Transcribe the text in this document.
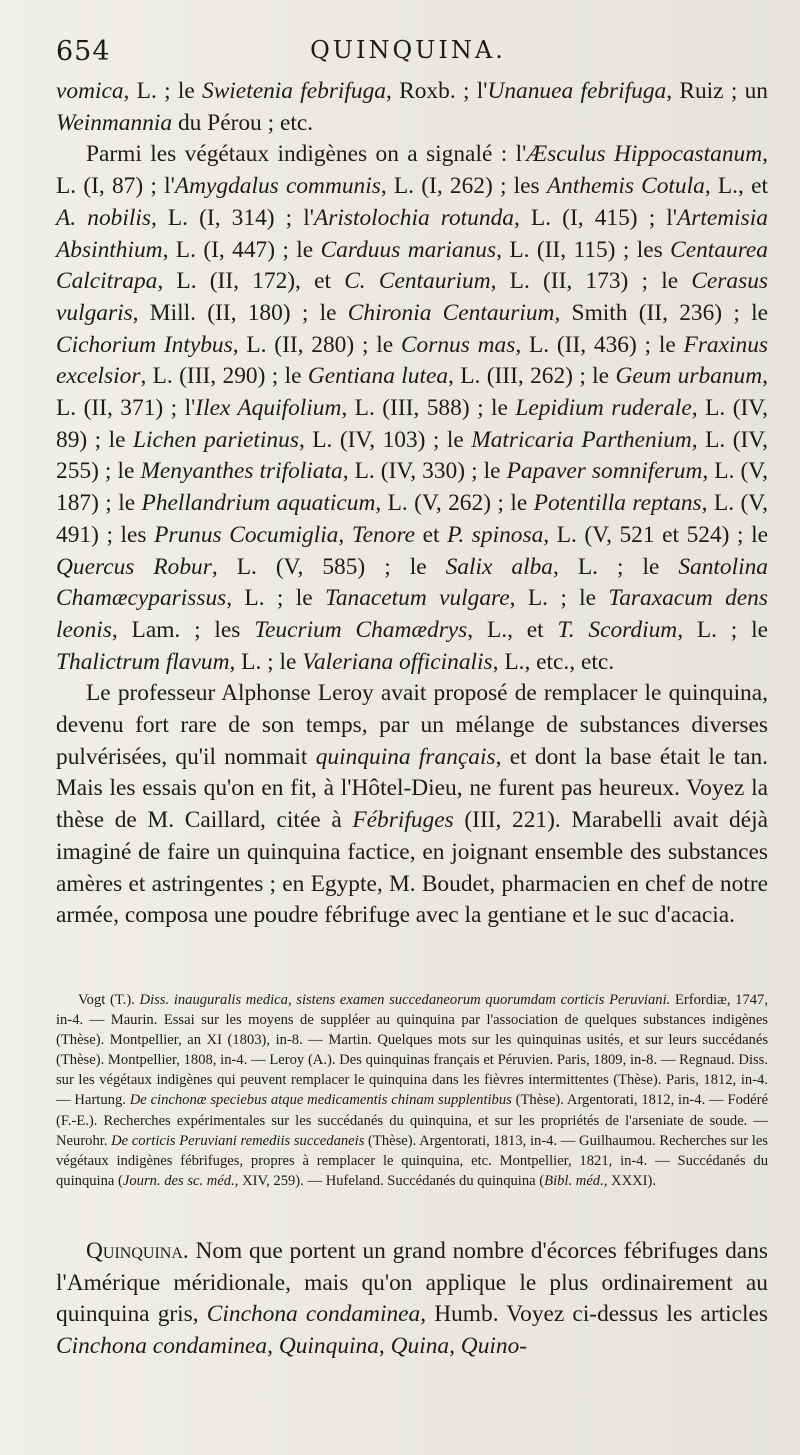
654	QUINQUINA.

vomica, L. ; le Swietenia febrifuga, Roxb. ; l'Unanuea febrifuga, Ruiz ; un Weinmannia du Pérou ; etc.

Parmi les végétaux indigènes on a signalé : l'Æsculus Hippocastanum, L. (I, 87) ; l'Amygdalus communis, L. (I, 262) ; les Anthemis Cotula, L., et A. nobilis, L. (I, 314) ; l'Aristolochia rotunda, L. (I, 415) ; l'Artemisia Absinthium, L. (I, 447) ; le Carduus marianus, L. (II, 115) ; les Centaurea Calcitrapa, L. (II, 172), et C. Centaurium, L. (II, 173) ; le Cerasus vulgaris, Mill. (II, 180) ; le Chironia Centaurium, Smith (II, 236) ; le Cichorium Intybus, L. (II, 280) ; le Cornus mas, L. (II, 436) ; le Fraxinus excelsior, L. (III, 290) ; le Gentiana lutea, L. (III, 262) ; le Geum urbanum, L. (II, 371) ; l'Ilex Aquifolium, L. (III, 588) ; le Lepidium ruderale, L. (IV, 89) ; le Lichen parietinus, L. (IV, 103) ; le Matricaria Parthenium, L. (IV, 255) ; le Menyanthes trifoliata, L. (IV, 330) ; le Papaver somniferum, L. (V, 187) ; le Phellandrium aquaticum, L. (V, 262) ; le Potentilla reptans, L. (V, 491) ; les Prunus Cocumiglia, Tenore et P. spinosa, L. (V, 521 et 524) ; le Quercus Robur, L. (V, 585) ; le Salix alba, L. ; le Santolina Chamæcyparissus, L. ; le Tanacetum vulgare, L. ; le Taraxacum dens leonis, Lam. ; les Teucrium Chamædrys, L., et T. Scordium, L. ; le Thalictrum flavum, L. ; le Valeriana officinalis, L., etc., etc.

Le professeur Alphonse Leroy avait proposé de remplacer le quinquina, devenu fort rare de son temps, par un mélange de substances diverses pulvérisées, qu'il nommait quinquina français, et dont la base était le tan. Mais les essais qu'on en fit, à l'Hôtel-Dieu, ne furent pas heureux. Voyez la thèse de M. Caillard, citée à Fébrifuges (III, 221). Marabelli avait déjà imaginé de faire un quinquina factice, en joignant ensemble des substances amères et astringentes ; en Egypte, M. Boudet, pharmacien en chef de notre armée, composa une poudre fébrifuge avec la gentiane et le suc d'acacia.

Vogt (T.). Diss. inauguralis medica, sistens examen succedaneorum quorumdam corticis Peruviani. Erfordiæ, 1747, in-4. — Maurin. Essai sur les moyens de suppléer au quinquina par l'association de quelques substances indigènes (Thèse). Montpellier, an XI (1803), in-8. — Martin. Quelques mots sur les quinquinas usités, et sur leurs succédanés (Thèse). Montpellier, 1808, in-4. — Leroy (A.). Des quinquinas français et Péruvien. Paris, 1809, in-8. — Regnaud. Diss. sur les végétaux indigènes qui peuvent remplacer le quinquina dans les fièvres intermittentes (Thèse). Paris, 1812, in-4. — Hartung. De cinchonæ speciebus atque medicamentis chinam supplentibus (Thèse). Argentorati, 1812, in-4. — Fodéré (F.-E.). Recherches expérimentales sur les succédanés du quinquina, et sur les propriétés de l'arseniate de soude. — Neurohr. De corticis Peruviani remediis succedaneis (Thèse). Argentorati, 1813, in-4. — Guilhaumou. Recherches sur les végétaux indigènes fébrifuges, propres à remplacer le quinquina, etc. Montpellier, 1821, in-4. — Succédanés du quinquina (Journ. des sc. méd., XIV, 259). — Hufeland. Succédanés du quinquina (Bibl. méd., XXXI).
Quinquina. Nom que portent un grand nombre d'écorces fébrifuges dans l'Amérique méridionale, mais qu'on applique le plus ordinairement au quinquina gris, Cinchona condaminea, Humb. Voyez ci-dessus les articles Cinchona condaminea, Quinquina, Quina, Quino-
